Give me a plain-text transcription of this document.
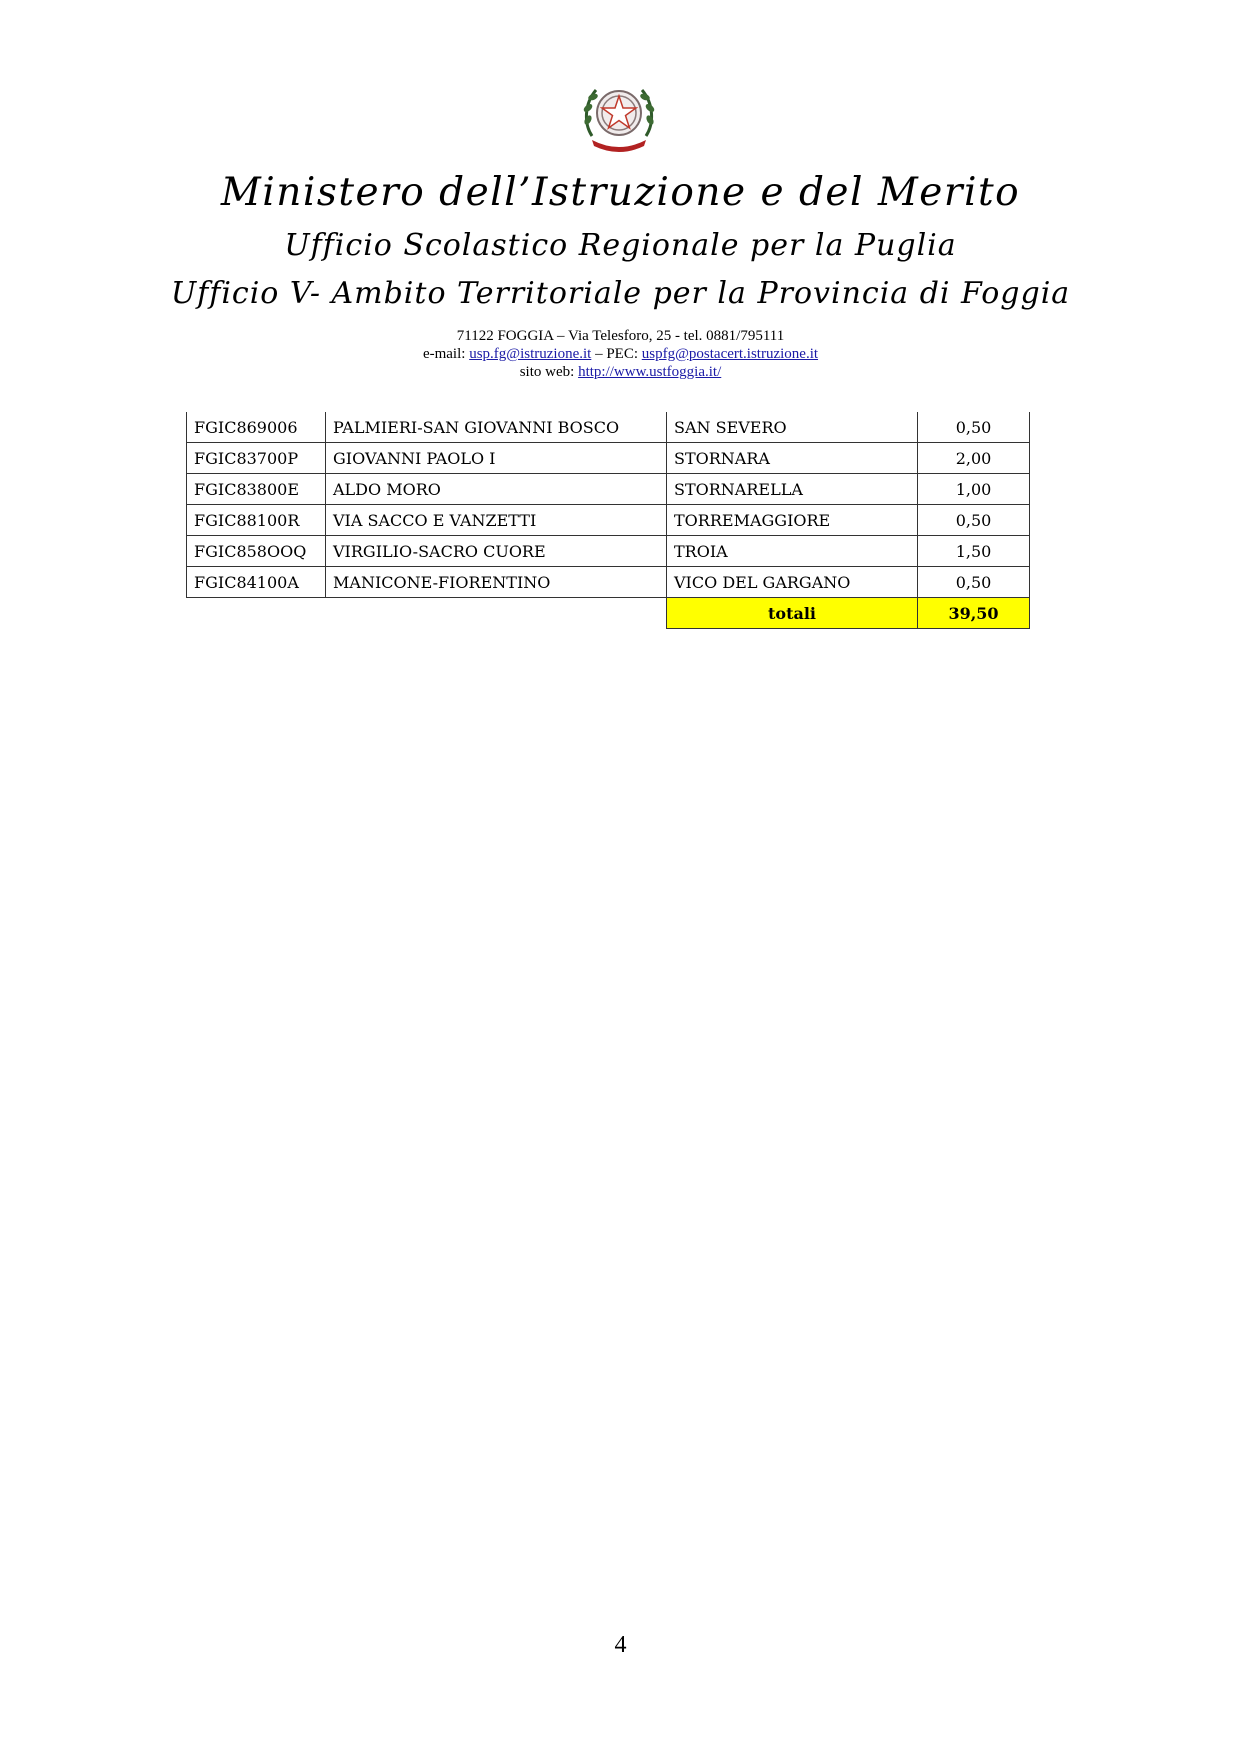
Ministero dell’Istruzione e del Merito
Ufficio Scolastico Regionale per la Puglia
Ufficio V- Ambito Territoriale per la Provincia di Foggia
71122 FOGGIA – Via Telesforo, 25 - tel. 0881/795111
e-mail: usp.fg@istruzione.it – PEC: uspfg@postacert.istruzione.it
sito web: http://www.ustfoggia.it/
FGIC869006	PALMIERI-SAN GIOVANNI BOSCO	SAN SEVERO	0,50
FGIC83700P	GIOVANNI PAOLO I	STORNARA	2,00
FGIC83800E	ALDO MORO	STORNARELLA	1,00
FGIC88100R	VIA SACCO E VANZETTI	TORREMAGGIORE	0,50
FGIC858OOQ	VIRGILIO-SACRO CUORE	TROIA	1,50
FGIC84100A	MANICONE-FIORENTINO	VICO DEL GARGANO	0,50
		totali	39,50
4
